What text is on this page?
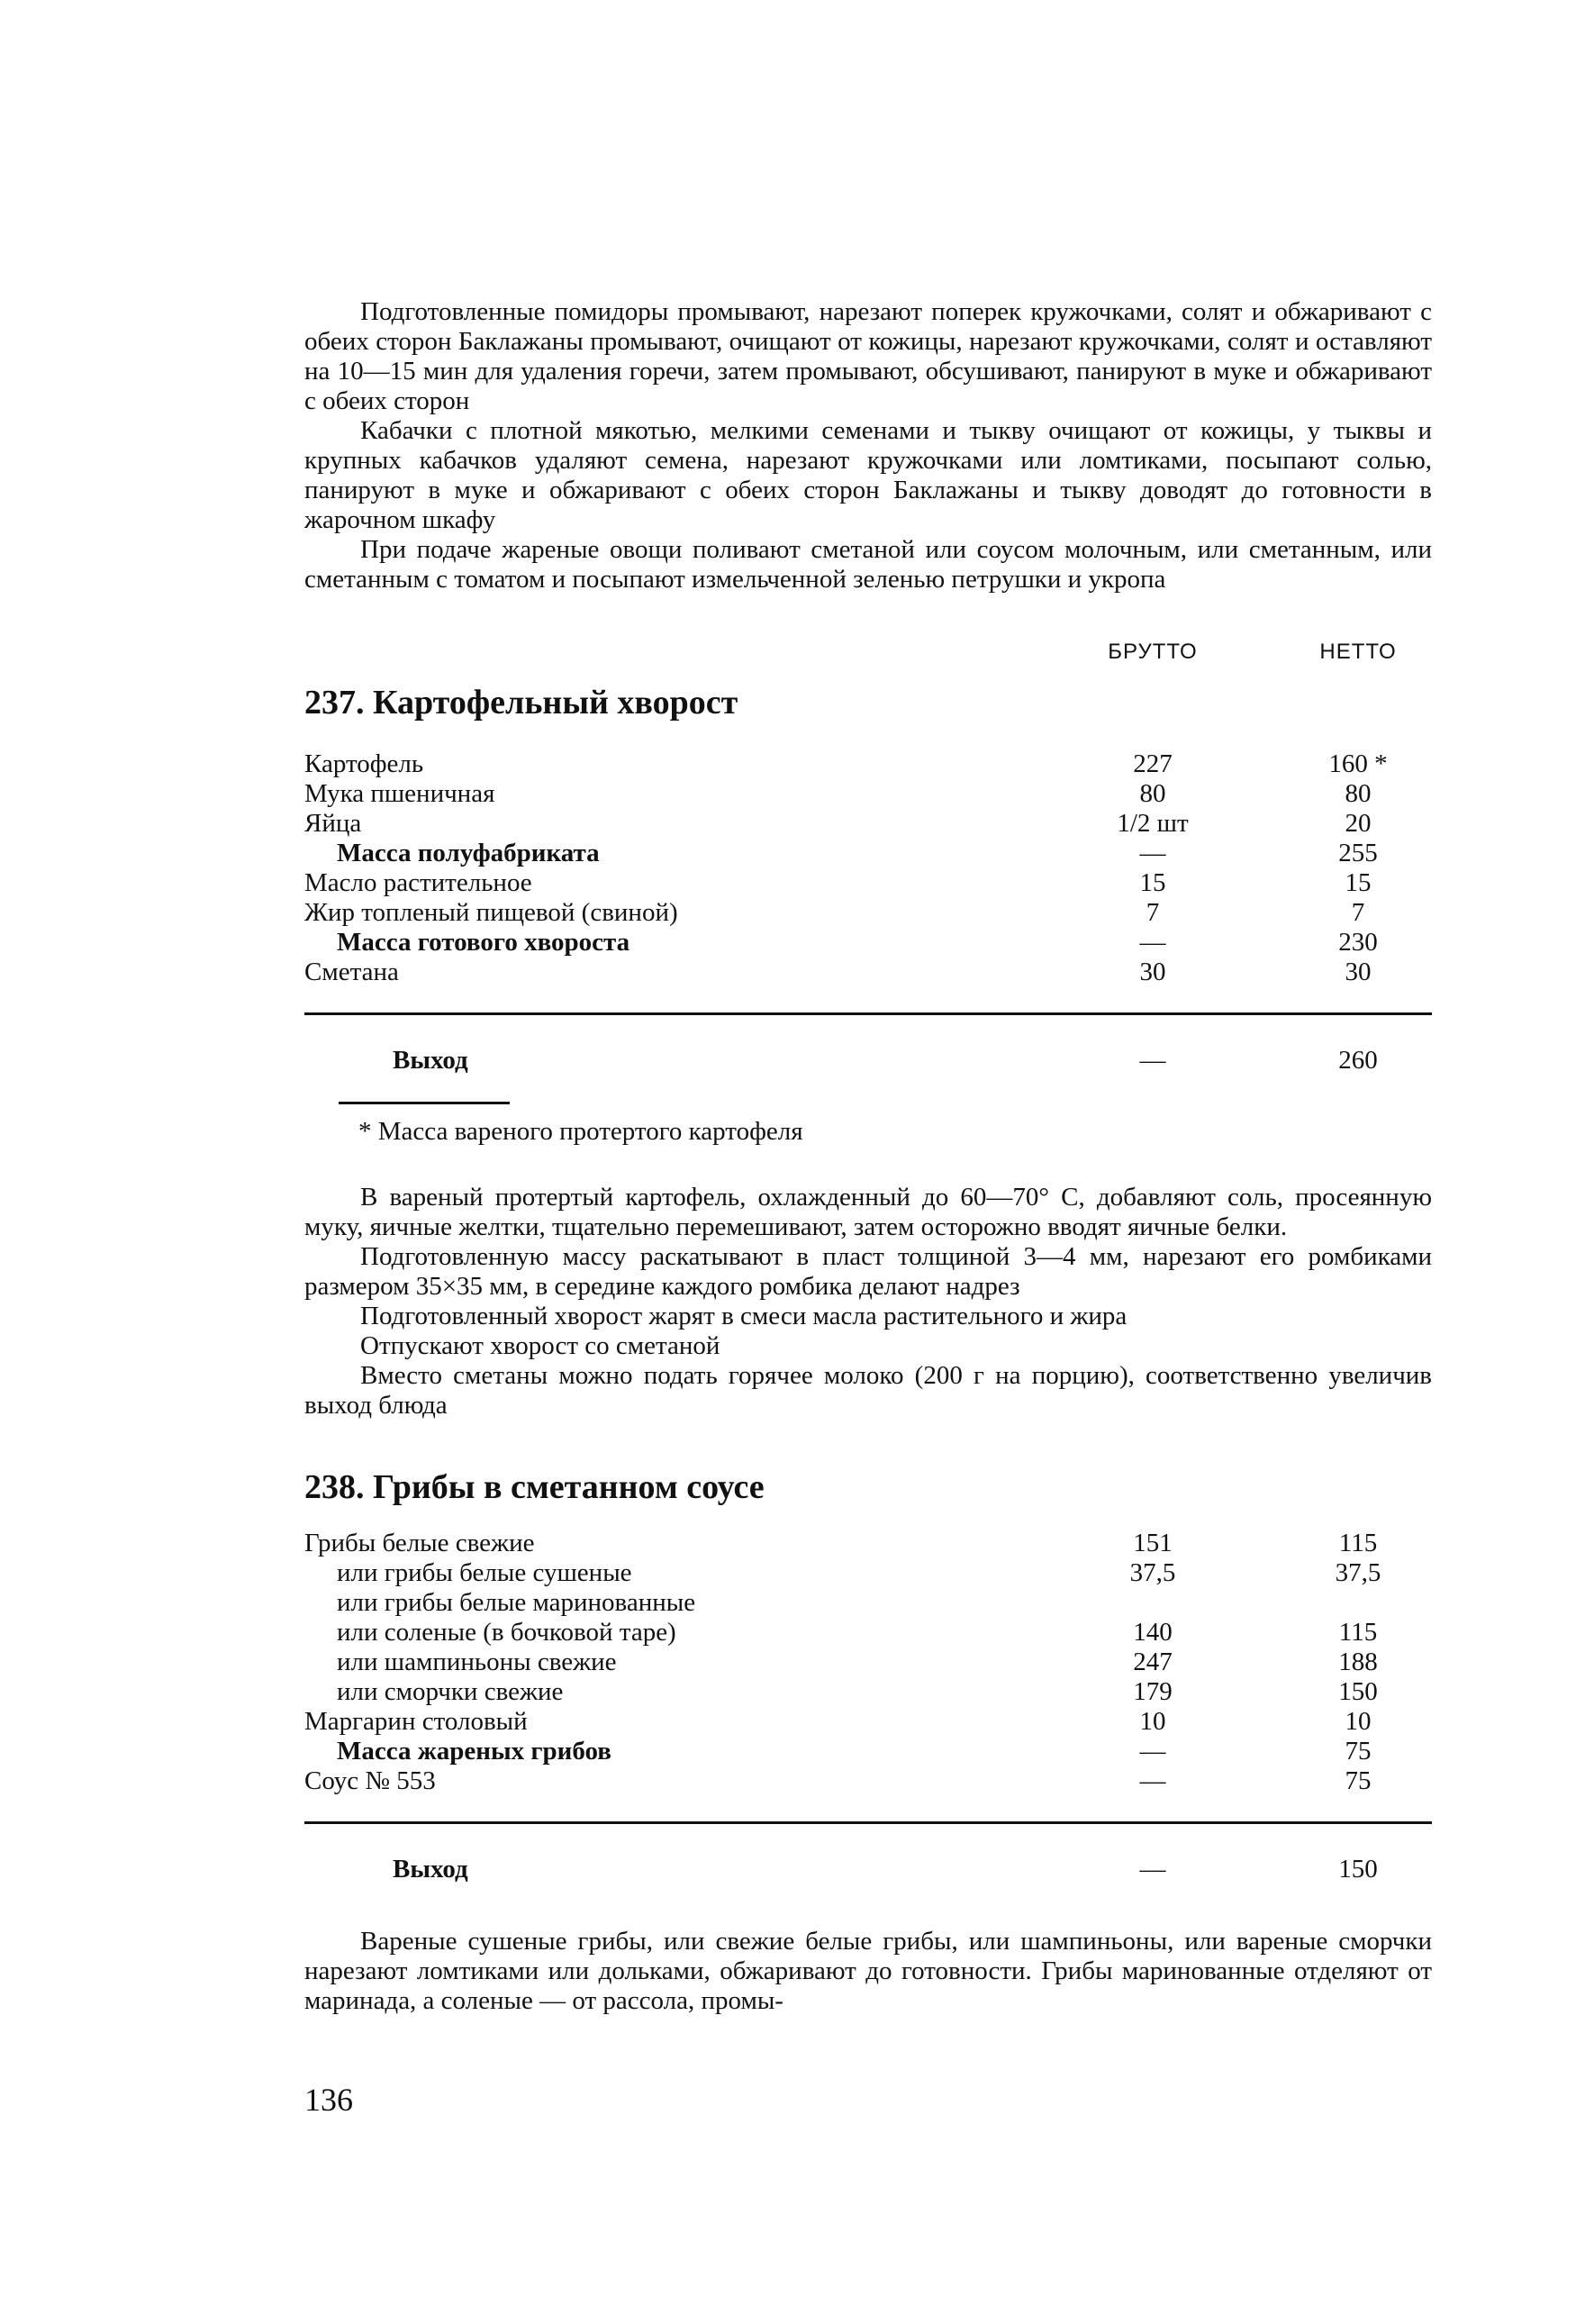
Подготовленные помидоры промывают, нарезают поперек кружочками, солят и обжаривают с обеих сторон Баклажаны промывают, очищают от кожицы, нарезают кружочками, солят и оставляют на 10—15 мин для удаления горечи, затем промывают, обсушивают, панируют в муке и обжаривают с обеих сторон

Кабачки с плотной мякотью, мелкими семенами и тыкву очищают от кожицы, у тыквы и крупных кабачков удаляют семена, нарезают кружочками или ломтиками, посыпают солью, панируют в муке и обжаривают с обеих сторон Баклажаны и тыкву доводят до готовности в жарочном шкафу

При подаче жареные овощи поливают сметаной или соусом молочным, или сметанным, или сметанным с томатом и посыпают измельченной зеленью петрушки и укропа

БРУТТО	НЕТТО
237. Картофельный хворост
Картофель	227	160 *
Мука пшеничная	80	80
Яйца	1/2 шт	20
Масса полуфабриката	—	255
Масло растительное	15	15
Жир топленый пищевой (свиной)	7	7
Масса готового хвороста	—	230
Сметана	30	30
Выход	—	260

* Масса вареного протертого картофеля

В вареный протертый картофель, охлажденный до 60—70° С, добавляют соль, просеянную муку, яичные желтки, тщательно перемешивают, затем осторожно вводят яичные белки.

Подготовленную массу раскатывают в пласт толщиной 3—4 мм, нарезают его ромбиками размером 35×35 мм, в середине каждого ромбика делают надрез

Подготовленный хворост жарят в смеси масла растительного и жира

Отпускают хворост со сметаной

Вместо сметаны можно подать горячее молоко (200 г на порцию), соответственно увеличив выход блюда

238. Грибы в сметанном соусе
Грибы белые свежие	151	115
или грибы белые сушеные	37,5	37,5
или грибы белые маринованные
или соленые (в бочковой таре)	140	115
или шампиньоны свежие	247	188
или сморчки свежие	179	150
Маргарин столовый	10	10
Масса жареных грибов	—	75
Соус № 553	—	75
Выход	—	150

Вареные сушеные грибы, или свежие белые грибы, или шампиньоны, или вареные сморчки нарезают ломтиками или дольками, обжаривают до готовности. Грибы маринованные отделяют от маринада, а соленые — от рассола, промы-

136
